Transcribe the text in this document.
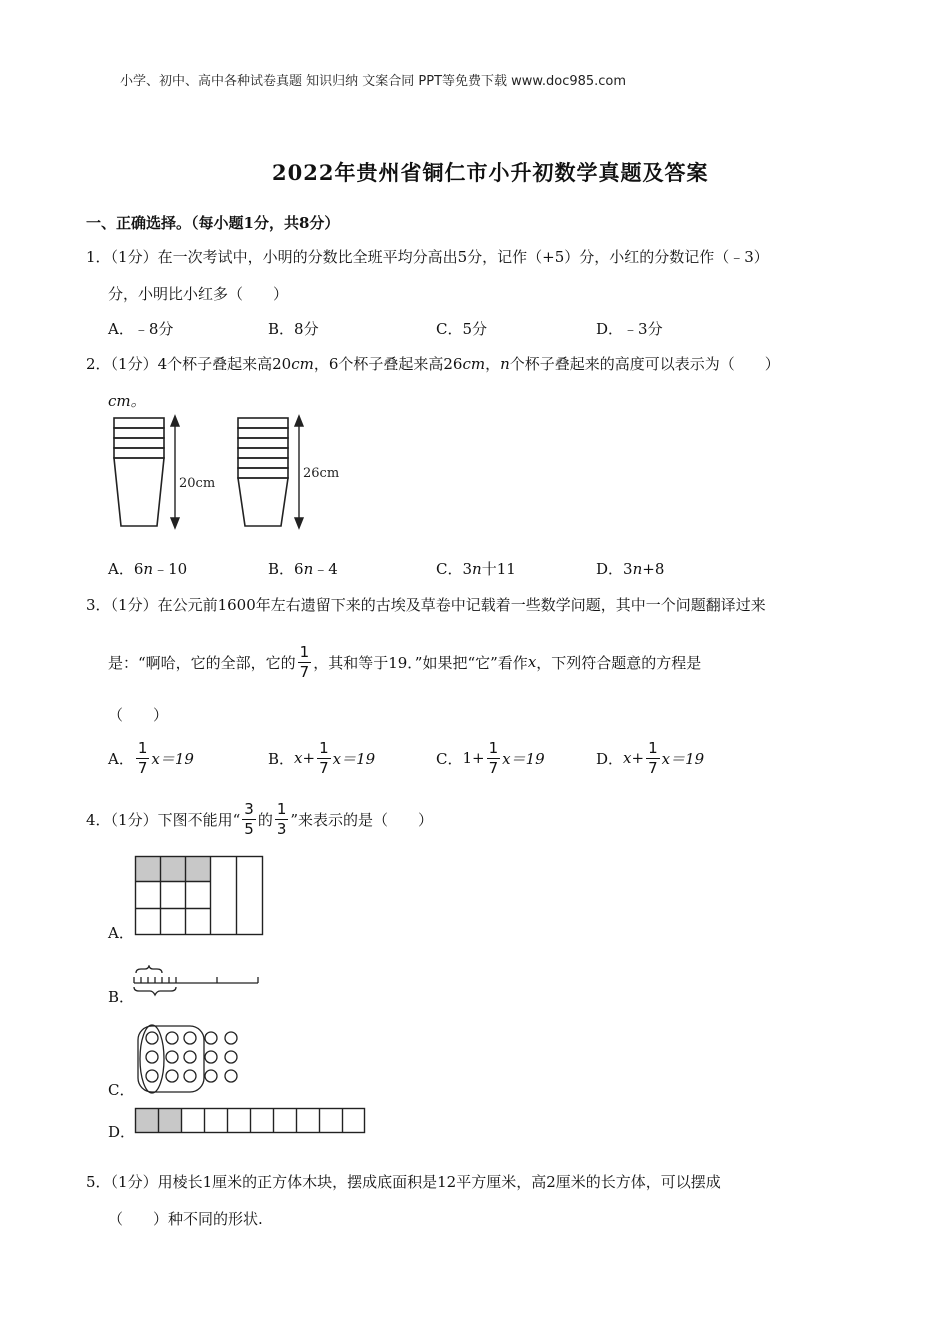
小学、初中、高中各种试卷真题 知识归纳 文案合同 PPT等免费下载 www.doc985.com
2022年贵州省铜仁市小升初数学真题及答案
一、正确选择。（每小题1分，共8分）
1．（1分）在一次考试中，小明的分数比全班平均分高出5分，记作（+5）分，小红的分数记作（﹣3）
分，小明比小红多（　　）
A．﹣8分	B．8分	C．5分	D．﹣3分
2．（1分）4个杯子叠起来高20cm，6个杯子叠起来高26cm，n个杯子叠起来的高度可以表示为（　　）
cm。
20cm
26cm
A．6n﹣10	B．6n﹣4	C．3n十11	D．3n+8
3．（1分）在公元前1600年左右遗留下来的古埃及草卷中记载着一些数学问题，其中一个问题翻译过来
是：“啊哈，它的全部，它的 $\frac{1}{7}$ ，其和等于19．”如果把“它”看作 x ，下列符合题意的方程是
（　　）
A． $\frac{1}{7} x=19$	B． $x+ \frac{1}{7} x=19$	C． $1+ \frac{1}{7} x=19$	D． $x+ \frac{1}{7} x=19$
4．（1分）下图不能用“ $\frac{3}{5}$ 的 $\frac{1}{3}$ ”来表示的是（　　）
A．
B．
C．
D．
5．（1分）用棱长1厘米的正方体木块，摆成底面积是12平方厘米，高2厘米的长方体，可以摆成
（　　）种不同的形状.
